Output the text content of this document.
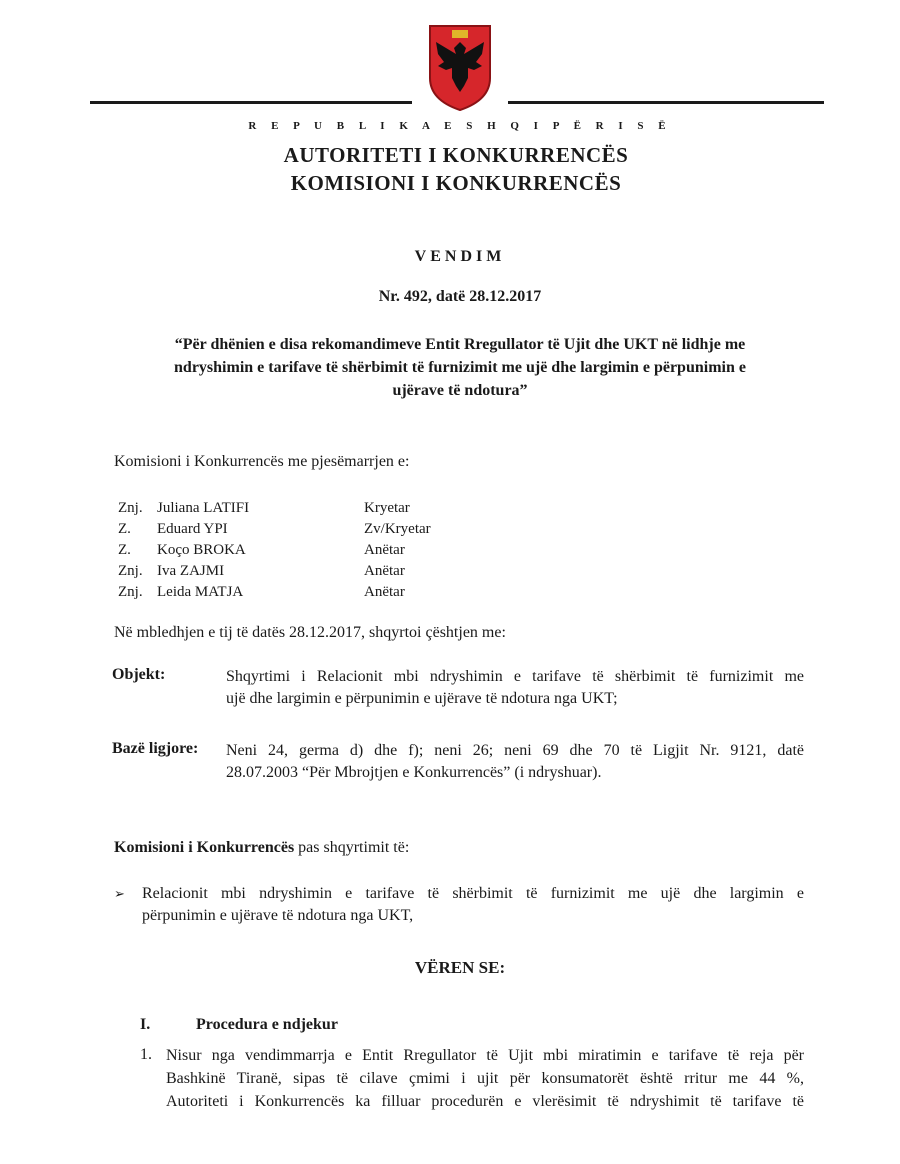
R E P U B L I K A E S H Q I P Ë R I S Ë
AUTORITETI I KONKURRENCËS
KOMISIONI I KONKURRENCËS
VENDIM
Nr. 492, datë 28.12.2017
“Për dhënien e disa rekomandimeve Entit Rregullator të Ujit dhe UKT në lidhje me
ndryshimin e tarifave të shërbimit të furnizimit me ujë dhe largimin e përpunimin e
ujërave të ndotura”
Komisioni i Konkurrencës me pjesëmarrjen e:
Znj. Juliana LATIFI	Kryetar
Z.	Eduard YPI	Zv/Kryetar
Z.	Koço BROKA	Anëtar
Znj. Iva ZAJMI	Anëtar
Znj. Leida MATJA	Anëtar
Në mbledhjen e tij të datës 28.12.2017, shqyrtoi çështjen me:
Objekt:	Shqyrtimi i Relacionit mbi ndryshimin e tarifave të shërbimit të furnizimit me
ujë dhe largimin e përpunimin e ujërave të ndotura nga UKT;
Bazë ligjore: Neni 24, germa d) dhe f); neni 26; neni 69 dhe 70 të Ligjit Nr. 9121, datë
28.07.2003 “Për Mbrojtjen e Konkurrencës” (i ndryshuar).
Komisioni i Konkurrencës pas shqyrtimit të:
➢ Relacionit mbi ndryshimin e tarifave të shërbimit të furnizimit me ujë dhe largimin e
përpunimin e ujërave të ndotura nga UKT,
VËREN SE:
I.	Procedura e ndjekur
1. Nisur nga vendimmarrja e Entit Rregullator të Ujit mbi miratimin e tarifave të reja për
Bashkinë Tiranë, sipas të cilave çmimi i ujit për konsumatorët është rritur me 44 %,
Autoriteti i Konkurrencës ka filluar procedurën e vlerësimit të ndryshimit të tarifave të
